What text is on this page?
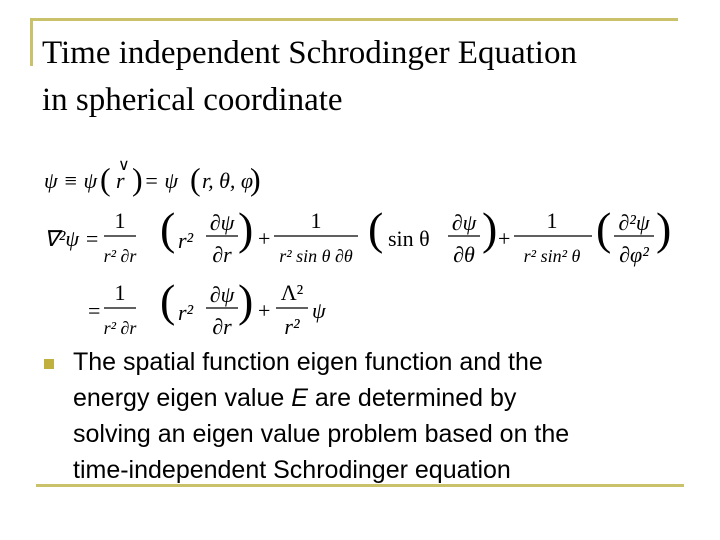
Time independent Schrodinger Equation
in spherical coordinate
ψ ≡ ψ ( r
∨ ) = ψ ( r, θ, φ
)
∇²ψ =
1
r² ∂r
( r²
∂ψ
∂r
) +
1
r² sin θ ∂θ
( sin θ
∂ψ
∂θ
) +
1
r² sin² θ
( ∂²ψ
∂φ²
)
=
1
r² ∂r
( r²
∂ψ
∂r
) +
Λ²
r²
ψ
The spatial function eigen function and the
energy eigen value E are determined by
solving an eigen value problem based on the
time-independent Schrodinger equation
